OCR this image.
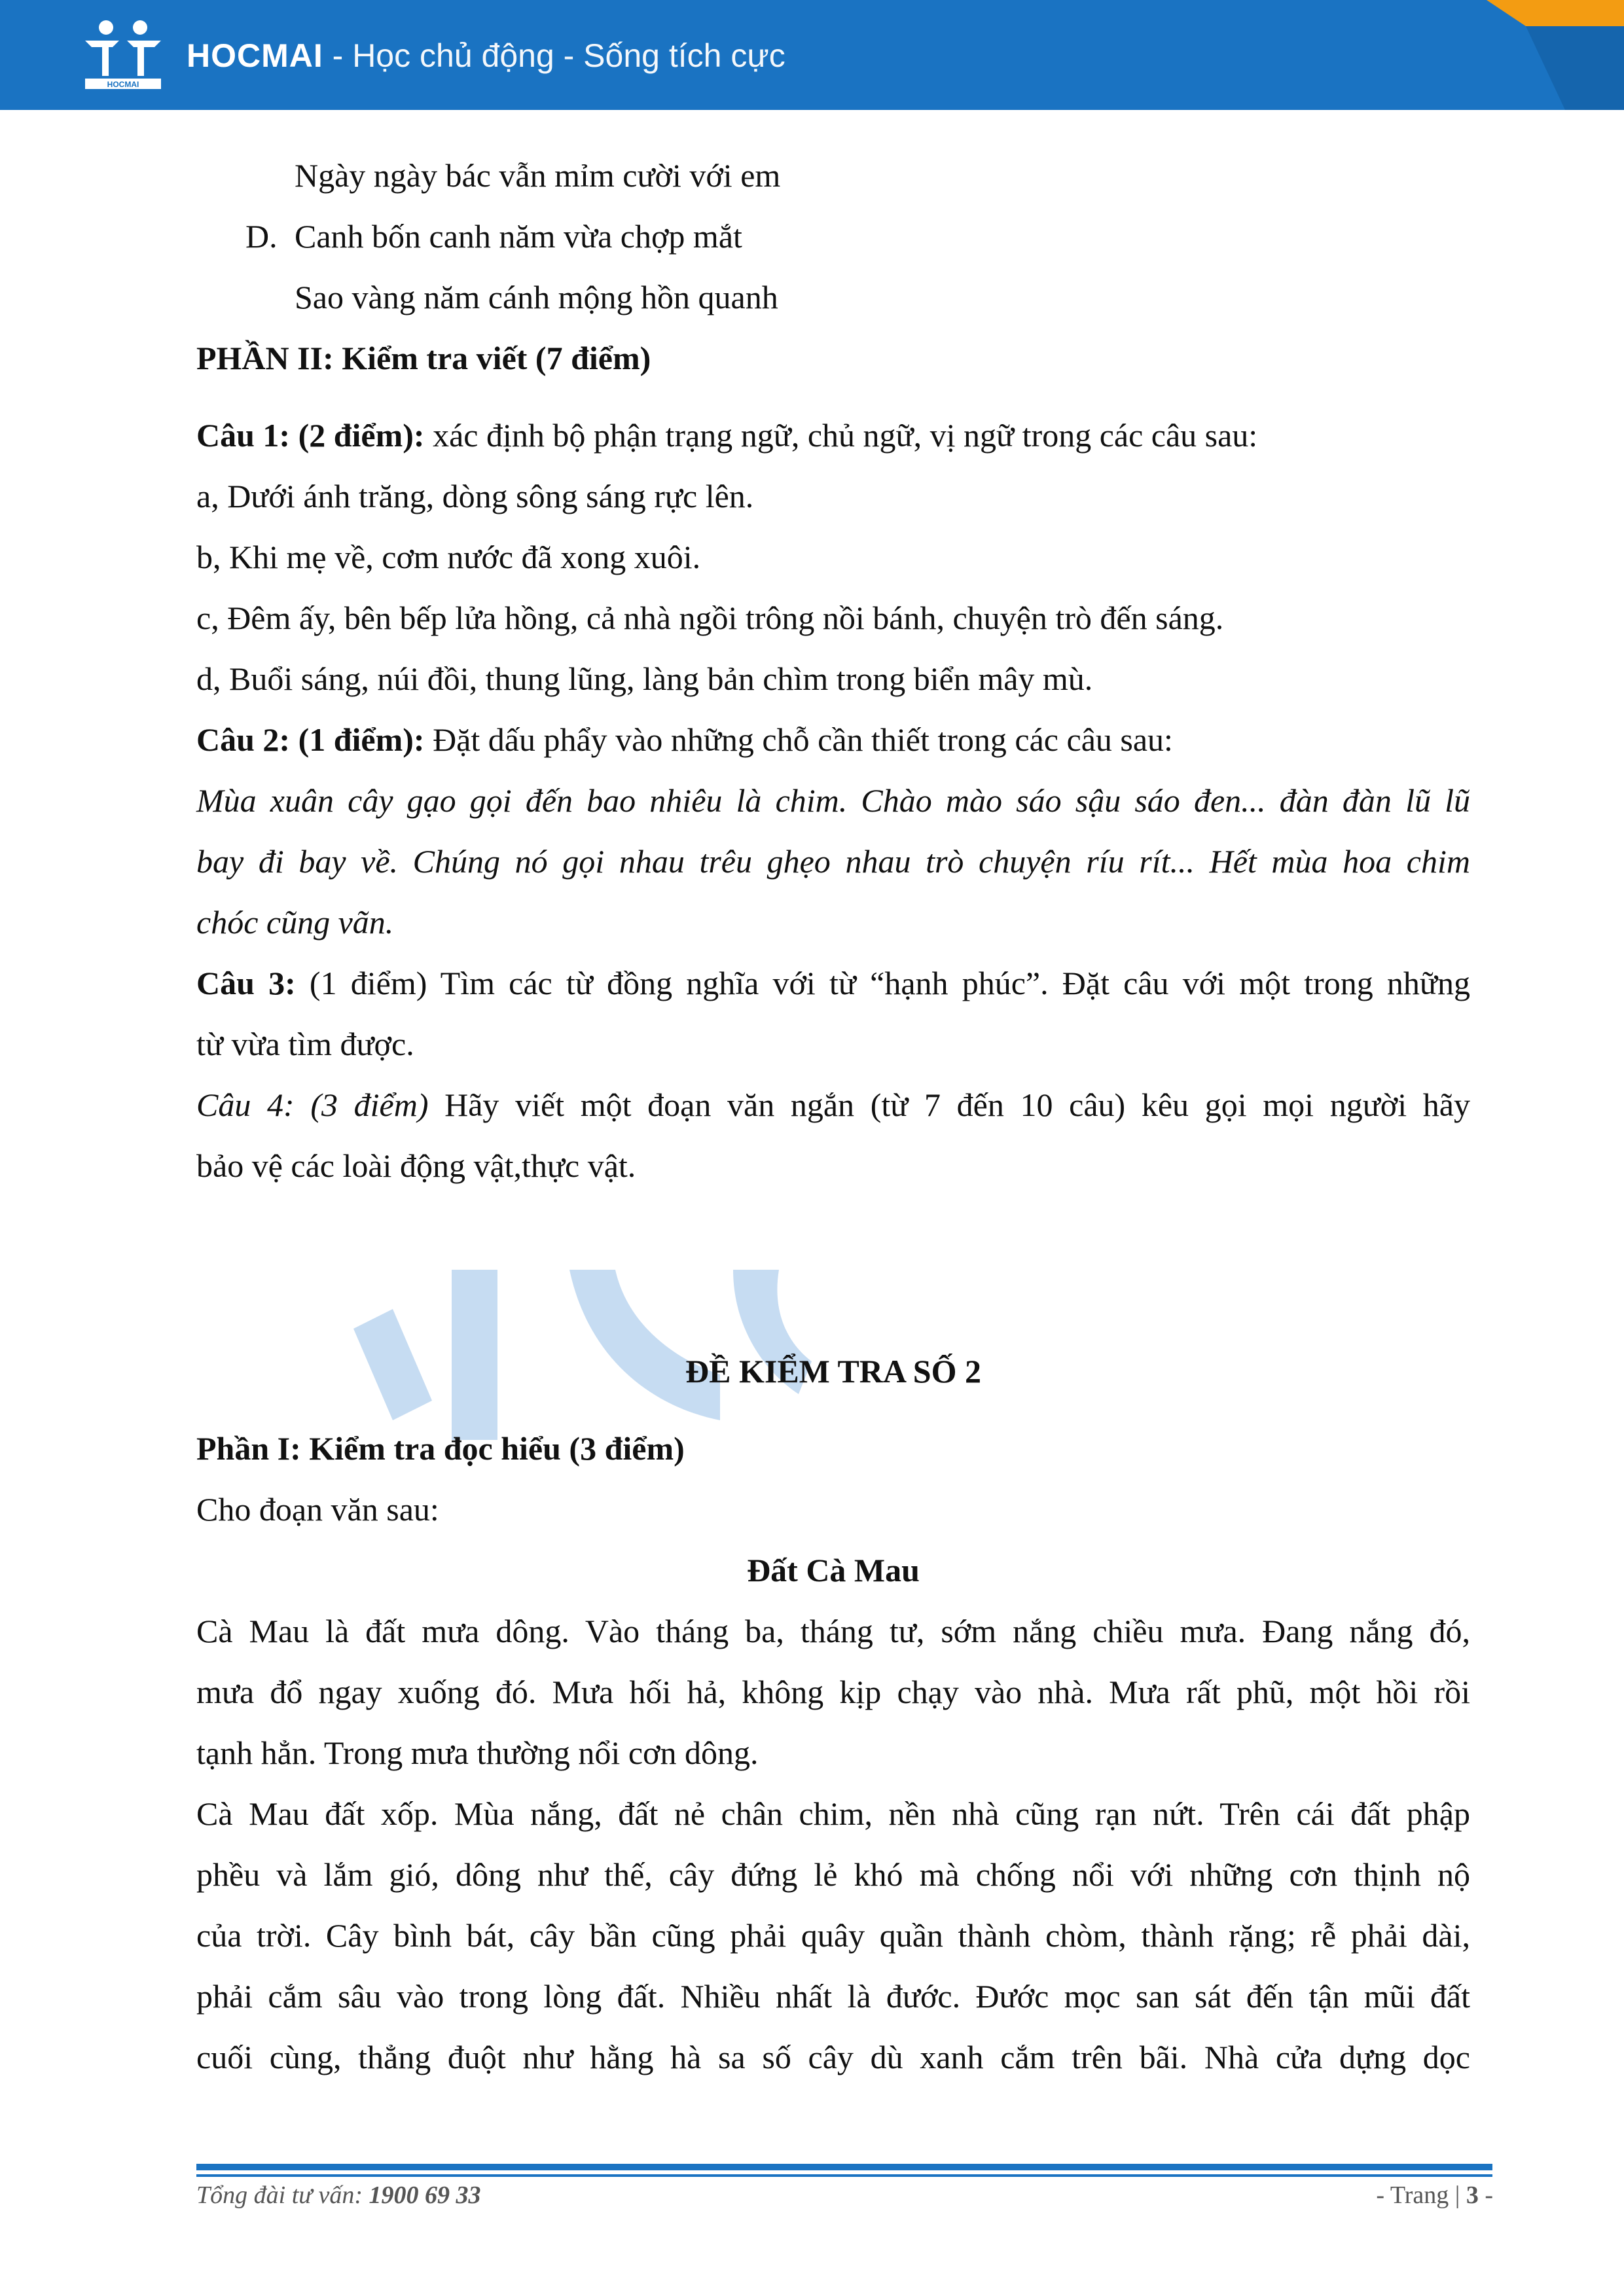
HOCMAI
HOCMAI - Học chủ động - Sống tích cực
Ngày ngày bác vẫn mỉm cười với em
D. Canh bốn canh năm vừa chợp mắt
Sao vàng năm cánh mộng hồn quanh
PHẦN II: Kiểm tra viết (7 điểm)
Câu 1: (2 điểm): xác định bộ phận trạng ngữ, chủ ngữ, vị ngữ trong các câu sau:
a, Dưới ánh trăng, dòng sông sáng rực lên.
b, Khi mẹ về, cơm nước đã xong xuôi.
c, Đêm ấy, bên bếp lửa hồng, cả nhà ngồi trông nồi bánh, chuyện trò đến sáng.
d, Buổi sáng, núi đồi, thung lũng, làng bản chìm trong biển mây mù.
Câu 2: (1 điểm): Đặt dấu phẩy vào những chỗ cần thiết trong các câu sau:
Mùa xuân cây gạo gọi đến bao nhiêu là chim. Chào mào sáo sậu sáo đen... đàn đàn lũ lũ
bay đi bay về. Chúng nó gọi nhau trêu ghẹo nhau trò chuyện ríu rít... Hết mùa hoa chim
chóc cũng vãn.
Câu 3: (1 điểm) Tìm các từ đồng nghĩa với từ “hạnh phúc”. Đặt câu với một trong những
từ vừa tìm được.
Câu 4: (3 điểm) Hãy viết một đoạn văn ngắn (từ 7 đến 10 câu) kêu gọi mọi người hãy
bảo vệ các loài động vật,thực vật.
ĐỀ KIỂM TRA SỐ 2
Phần I: Kiểm tra đọc hiểu (3 điểm)
Cho đoạn văn sau:
Đất Cà Mau
Cà Mau là đất mưa dông. Vào tháng ba, tháng tư, sớm nắng chiều mưa. Đang nắng đó,
mưa đổ ngay xuống đó. Mưa hối hả, không kịp chạy vào nhà. Mưa rất phũ, một hồi rồi
tạnh hẳn. Trong mưa thường nổi cơn dông.
Cà Mau đất xốp. Mùa nắng, đất nẻ chân chim, nền nhà cũng rạn nứt. Trên cái đất phập
phều và lắm gió, dông như thế, cây đứng lẻ khó mà chống nổi với những cơn thịnh nộ
của trời. Cây bình bát, cây bần cũng phải quây quần thành chòm, thành rặng; rễ phải dài,
phải cắm sâu vào trong lòng đất. Nhiều nhất là đước. Đước mọc san sát đến tận mũi đất
cuối cùng, thẳng đuột như hằng hà sa số cây dù xanh cắm trên bãi. Nhà cửa dựng dọc
Tổng đài tư vấn: 1900 69 33	- Trang | 3 -
